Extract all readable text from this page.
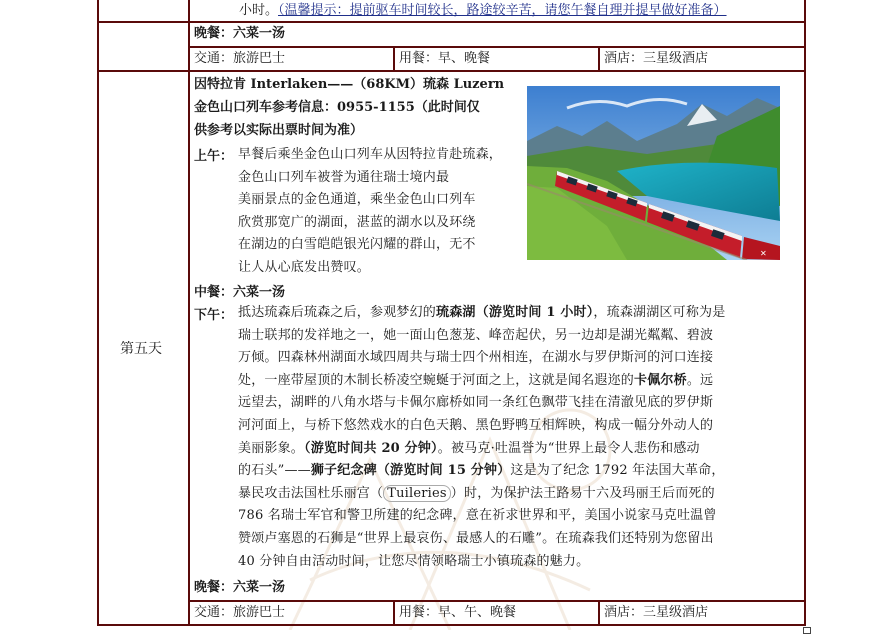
小时。（温馨提示：提前驱车时间较长，路途较辛苦，请您午餐自理并提早做好准备）
晚餐：六菜一汤
交通：旅游巴士	用餐：早、晚餐	酒店：三星级酒店
第五天
因特拉肯 Interlaken——（68KM）琉森 Luzern
金色山口列车参考信息：0955-1155（此时间仅
供参考以实际出票时间为准）
上午： 早餐后乘坐金色山口列车从因特拉肯赴琉森，
金色山口列车被誉为通往瑞士境内最
美丽景点的金色通道，乘坐金色山口列车
欣赏那宽广的湖面，湛蓝的湖水以及环绕
在湖边的白雪皑皑银光闪耀的群山，无不
让人从心底发出赞叹。
✕
中餐：六菜一汤
下午： 抵达琉森后琉森之后，参观梦幻的琉森湖（游览时间 1 小时），琉森湖湖区可称为是
瑞士联邦的发祥地之一，她一面山色葱茏、峰峦起伏，另一边却是湖光粼粼、碧波
万倾。四森林州湖面水域四周共与瑞士四个州相连，在湖水与罗伊斯河的河口连接
处，一座带屋顶的木制长桥凌空蜿蜒于河面之上，这就是闻名遐迩的卡佩尔桥。远
远望去，湖畔的八角水塔与卡佩尔廊桥如同一条红色飘带飞挂在清澈见底的罗伊斯
河河面上，与桥下悠然戏水的白色天鹅、黑色野鸭互相辉映，构成一幅分外动人的
美丽影象。（游览时间共 20 分钟）。被马克·吐温誉为“世界上最令人悲伤和感动
的石头”——狮子纪念碑（游览时间 15 分钟）这是为了纪念 1792 年法国大革命，
暴民攻击法国杜乐丽宫（ Tuileries ）时，为保护法王路易十六及玛丽王后而死的
786 名瑞士军官和警卫所建的纪念碑，意在祈求世界和平，美国小说家马克吐温曾
赞颂卢塞恩的石狮是“世界上最哀伤、最感人的石雕”。在琉森我们还特别为您留出
40 分钟自由活动时间，让您尽情领略瑞士小镇琉森的魅力。
晚餐：六菜一汤
交通：旅游巴士	用餐：早、午、晚餐	酒店：三星级酒店
